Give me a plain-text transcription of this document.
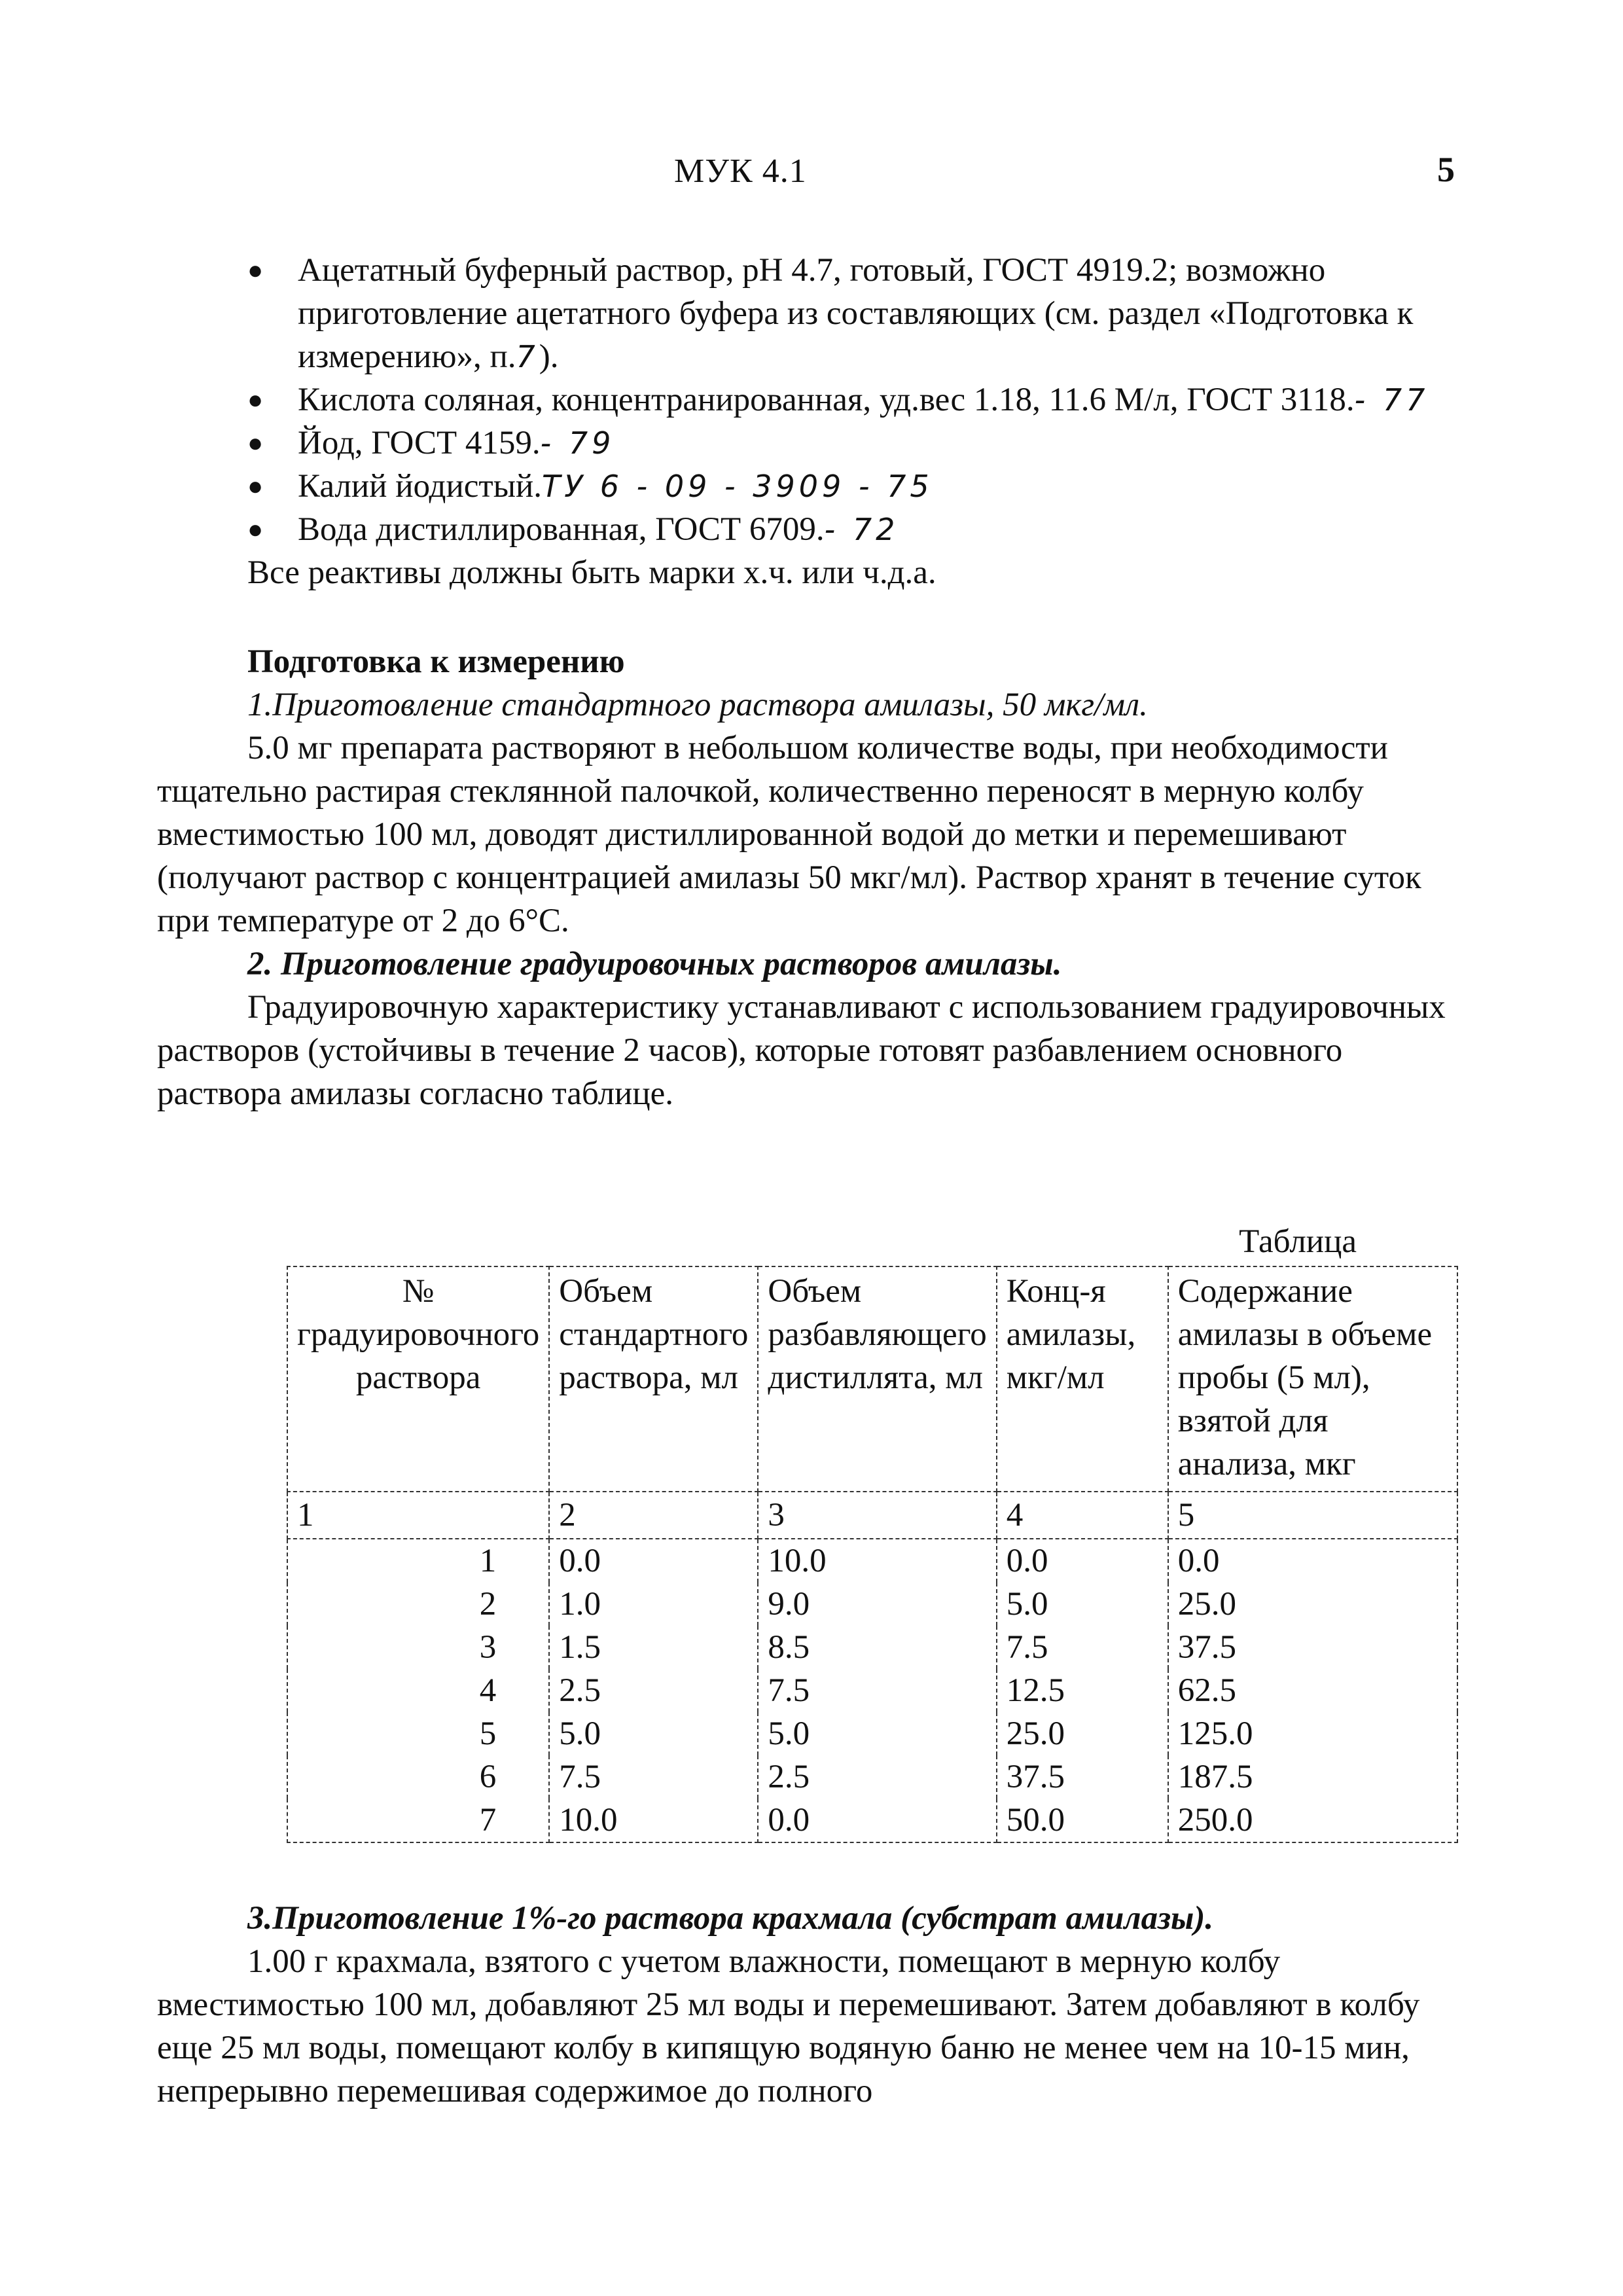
МУК 4.1	5
● Ацетатный буферный раствор, рН 4.7, готовый, ГОСТ 4919.2; возможно приготовление ацетатного буфера из составляющих (см. раздел «Подготовка к измерению», п.7).
● Кислота соляная, концентранированная, уд.вес 1.18, 11.6 М/л, ГОСТ 3118.- 77
● Йод, ГОСТ 4159.- 79
● Калий йодистый.ТУ 6 - 09 - 3909 - 75
● Вода дистиллированная, ГОСТ 6709.- 72
Все реактивы должны быть марки х.ч. или ч.д.а.
Подготовка к измерению
1.Приготовление стандартного раствора амилазы, 50 мкг/мл.

5.0 мг препарата растворяют в небольшом количестве воды, при необходимости тщательно растирая стеклянной палочкой, количественно переносят в мерную колбу вместимостью 100 мл, доводят дистиллированной водой до метки и перемешивают (получают раствор с концентрацией амилазы 50 мкг/мл). Раствор хранят в течение суток при температуре от 2 до 6°С.

2. Приготовление градуировочных растворов амилазы.

Градуировочную характеристику устанавливают с использованием градуировочных растворов (устойчивы в течение 2 часов), которые готовят разбавлением основного раствора амилазы согласно таблице.

Таблица
№ градуировочного раствора	Объем стандартного раствора, мл	Объем разбавляющего дистиллята, мл	Конц-я амилазы, мкг/мл	Содержание амилазы в объеме пробы (5 мл), взятой для анализа, мкг
1	2	3	4	5
1	0.0	10.0	0.0	0.0
2	1.0	9.0	5.0	25.0
3	1.5	8.5	7.5	37.5
4	2.5	7.5	12.5	62.5
5	5.0	5.0	25.0	125.0
6	7.5	2.5	37.5	187.5
7	10.0	0.0	50.0	250.0
3.Приготовление 1%-го раствора крахмала (субстрат амилазы).

1.00 г крахмала, взятого с учетом влажности, помещают в мерную колбу вместимостью 100 мл, добавляют 25 мл воды и перемешивают. Затем добавляют в колбу еще 25 мл воды, помещают колбу в кипящую водяную баню не менее чем на 10-15 мин, непрерывно перемешивая содержимое до полного
